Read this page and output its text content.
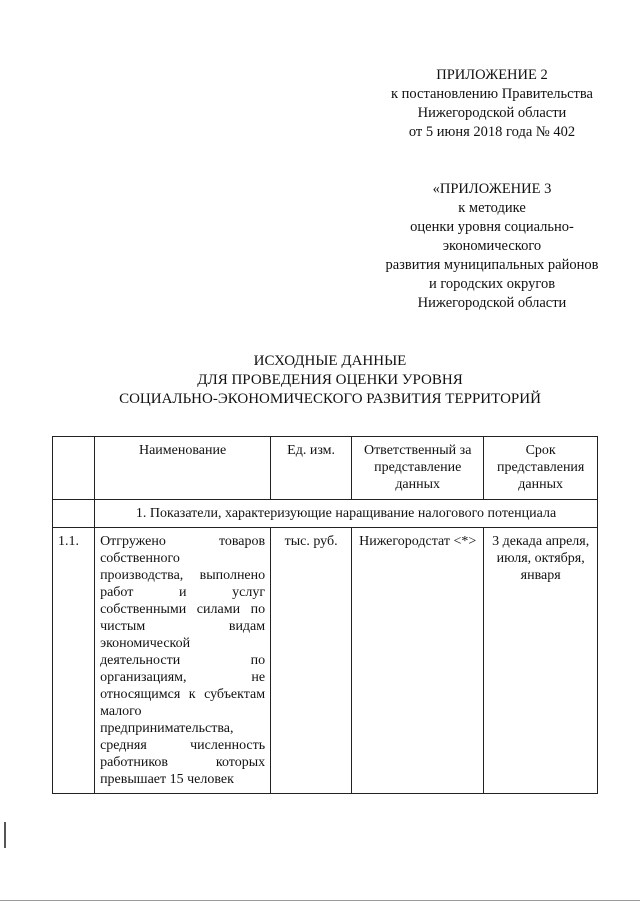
ПРИЛОЖЕНИЕ 2
к постановлению Правительства
Нижегородской области
от 5 июня 2018 года № 402
«ПРИЛОЖЕНИЕ 3
к методике
оценки уровня социально-
экономического
развития муниципальных районов
и городских округов
Нижегородской области
ИСХОДНЫЕ ДАННЫЕ
ДЛЯ ПРОВЕДЕНИЯ ОЦЕНКИ УРОВНЯ
СОЦИАЛЬНО-ЭКОНОМИЧЕСКОГО РАЗВИТИЯ ТЕРРИТОРИЙ
	Наименование	Ед. изм.	Ответственный за представление данных	Срок представления данных
	1. Показатели, характеризующие наращивание налогового потенциала			
1.1.	Отгружено товаров собственного производства, выполнено работ и услуг собственными силами по чистым видам экономической деятельности по организациям, не относящимся к субъектам малого предпринимательства, средняя численность работников которых превышает 15 человек	тыс. руб.	Нижегородстат <*>	3 декада апреля, июля, октября, января
